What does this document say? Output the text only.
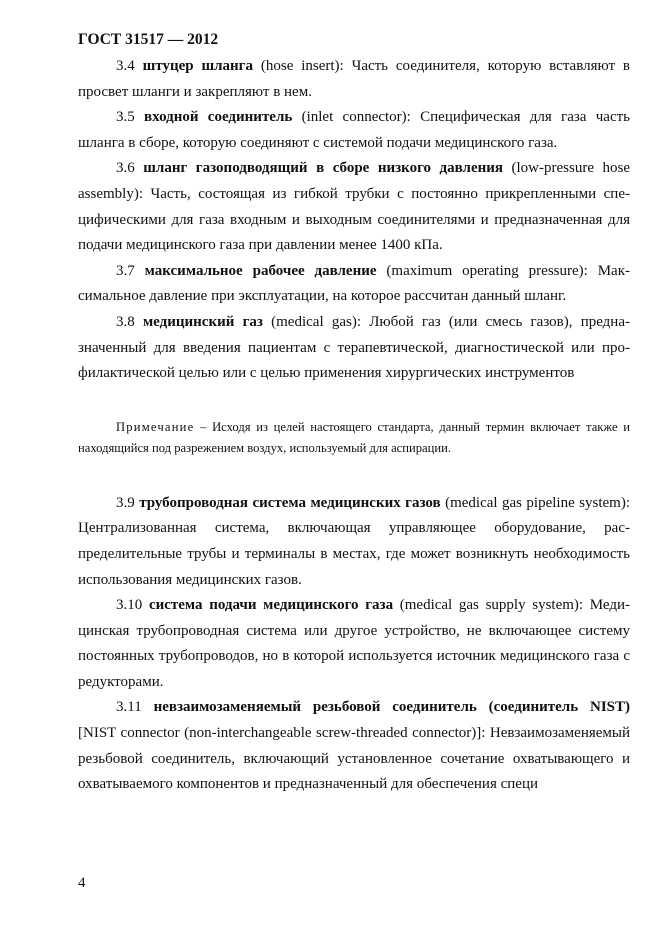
ГОСТ 31517 — 2012

3.4 штуцер шланга (hose insert): Часть соединителя, которую вставляют в просвет шланги и закрепляют в нем.

3.5 входной соединитель (inlet connector): Специфическая для газа часть шланга в сборе, которую соединяют с системой подачи медицинского газа.

3.6 шланг газоподводящий в сборе низкого давления (low-pressure hose assembly): Часть, состоящая из гибкой трубки с постоянно прикрепленными специфическими для газа входным и выходным соединителями и предназначенная для подачи медицинского газа при давлении менее 1400 кПа.

3.7 максимальное рабочее давление (maximum operating pressure): Максимальное давление при эксплуатации, на которое рассчитан данный шланг.

3.8 медицинский газ (medical gas): Любой газ (или смесь газов), предназначенный для введения пациентам с терапевтической, диагностической или профилактической целью или с целью применения хирургических инструментов

Примечание – Исходя из целей настоящего стандарта, данный термин включает также и находящийся под разрежением воздух, используемый для аспирации.

3.9 трубопроводная система медицинских газов (medical gas pipeline system): Централизованная система, включающая управляющее оборудование, распределительные трубы и терминалы в местах, где может возникнуть необходимость использования медицинских газов.

3.10 система подачи медицинского газа (medical gas supply system): Медицинская трубопроводная система или другое устройство, не включающее систему постоянных трубопроводов, но в которой используется источник медицинского газа с редукторами.

3.11 невзаимозаменяемый резьбовой соединитель (соединитель NIST) [NIST connector (non-interchangeable screw-threaded connector)]: Невзаимозаменяемый резьбовой соединитель, включающий установленное сочетание охватывающего и охватываемого компонентов и предназначенный для обеспечения специ

4
